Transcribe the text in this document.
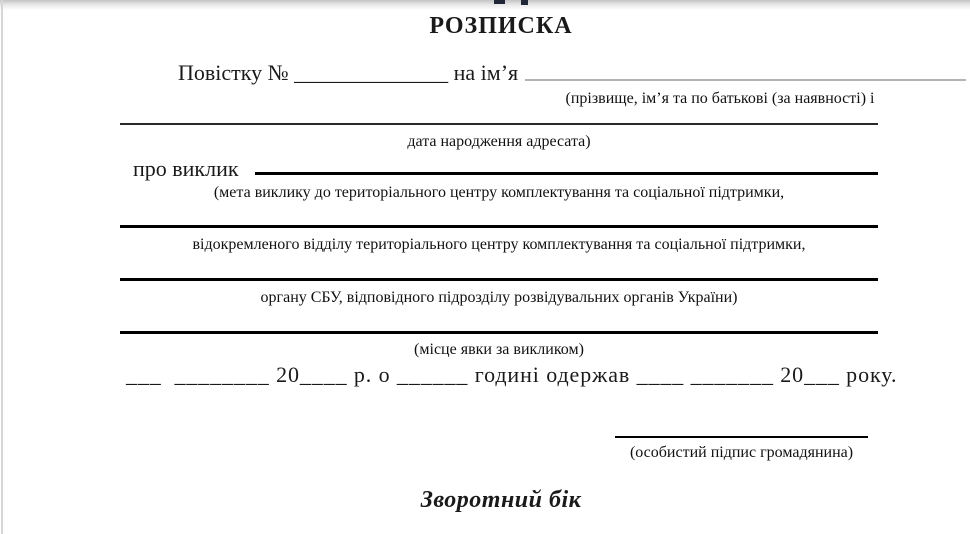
РОЗПИСКА
Повістку № ______________ на ім’я
(прізвище, ім’я та по батькові (за наявності) і
дата народження адресата)
про виклик
(мета виклику до територіального центру комплектування та соціальної підтримки,
відокремленого відділу територіального центру комплектування та соціальної підтримки,
органу СБУ, відповідного підрозділу розвідувальних органів України)
(місце явки за викликом)
___  ________ 20____ р. о ______ годині одержав ____ _______ 20___ року.
(особистий підпис громадянина)
Зворотний бік
